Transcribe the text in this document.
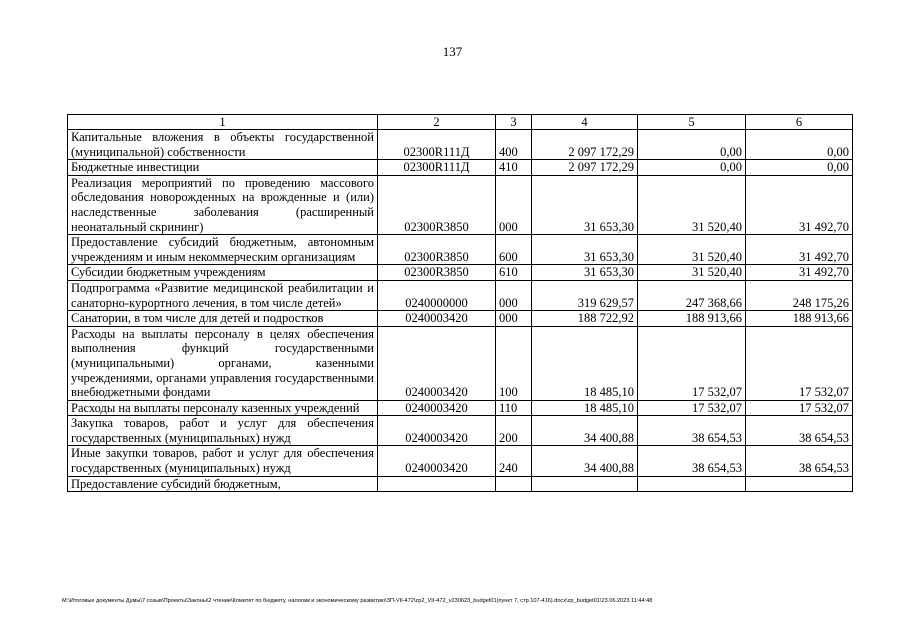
137
1	2	3	4	5	6
Капитальные вложения в объекты государственной (муниципальной) собственности	02300R111Д	400	2 097 172,29	0,00	0,00
Бюджетные инвестиции	02300R111Д	410	2 097 172,29	0,00	0,00
Реализация мероприятий по проведению массового обследования новорожденных на врожденные и (или) наследственные заболевания (расширенный неонатальный скрининг)	02300R3850	000	31 653,30	31 520,40	31 492,70
Предоставление субсидий бюджетным, автономным учреждениям и иным некоммерческим организациям	02300R3850	600	31 653,30	31 520,40	31 492,70
Субсидии бюджетным учреждениям	02300R3850	610	31 653,30	31 520,40	31 492,70
Подпрограмма «Развитие медицинской реабилитации и санаторно-курортного лечения, в том числе детей»	0240000000	000	319 629,57	247 368,66	248 175,26
Санатории, в том числе для детей и подростков	0240003420	000	188 722,92	188 913,66	188 913,66
Расходы на выплаты персоналу в целях обеспечения выполнения функций государственными (муниципальными) органами, казенными учреждениями, органами управления государственными внебюджетными фондами	0240003420	100	18 485,10	17 532,07	17 532,07
Расходы на выплаты персоналу казенных учреждений	0240003420	110	18 485,10	17 532,07	17 532,07
Закупка товаров, работ и услуг для обеспечения государственных (муниципальных) нужд	0240003420	200	34 400,88	38 654,53	38 654,53
Иные закупки товаров, работ и услуг для обеспечения государственных (муниципальных) нужд	0240003420	240	34 400,88	38 654,53	38 654,53
Предоставление субсидий бюджетным,					
M:\Итоговые документы Думы\7 созыв\Проекты\Законы\2 чтение\Комитет по бюджету, налогам и экономическому развитию\ЗП-VII-472\zp2_VII-472_v230623_budget01(пункт 7, стр.107-416).docx\zp_budget01\23.06.2023 11:44:48
